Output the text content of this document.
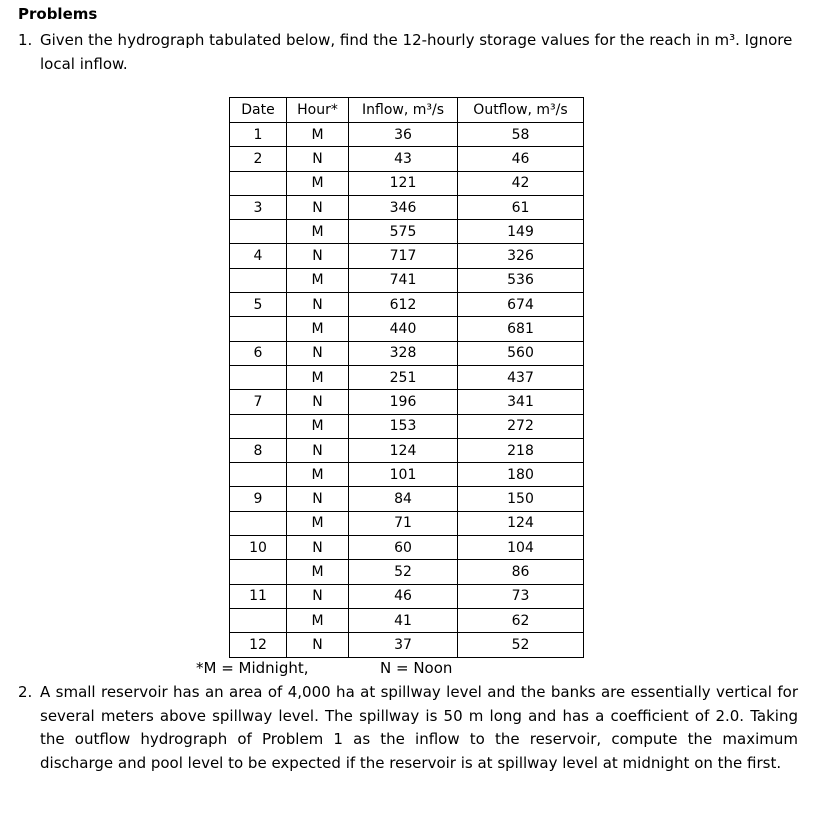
Problems
1. Given the hydrograph tabulated below, find the 12-hourly storage values for the reach in m³. Ignore local inflow.
Date	Hour*	Inflow, m³/s	Outflow, m³/s
1	M	36	58
2	N	43	46
	M	121	42
3	N	346	61
	M	575	149
4	N	717	326
	M	741	536
5	N	612	674
	M	440	681
6	N	328	560
	M	251	437
7	N	196	341
	M	153	272
8	N	124	218
	M	101	180
9	N	84	150
	M	71	124
10	N	60	104
	M	52	86
11	N	46	73
	M	41	62
12	N	37	52
*M = Midnight,	N = Noon
2. A small reservoir has an area of 4,000 ha at spillway level and the banks are essentially vertical for several meters above spillway level. The spillway is 50 m long and has a coefficient of 2.0. Taking the outflow hydrograph of Problem 1 as the inflow to the reservoir, compute the maximum discharge and pool level to be expected if the reservoir is at spillway level at midnight on the first.
